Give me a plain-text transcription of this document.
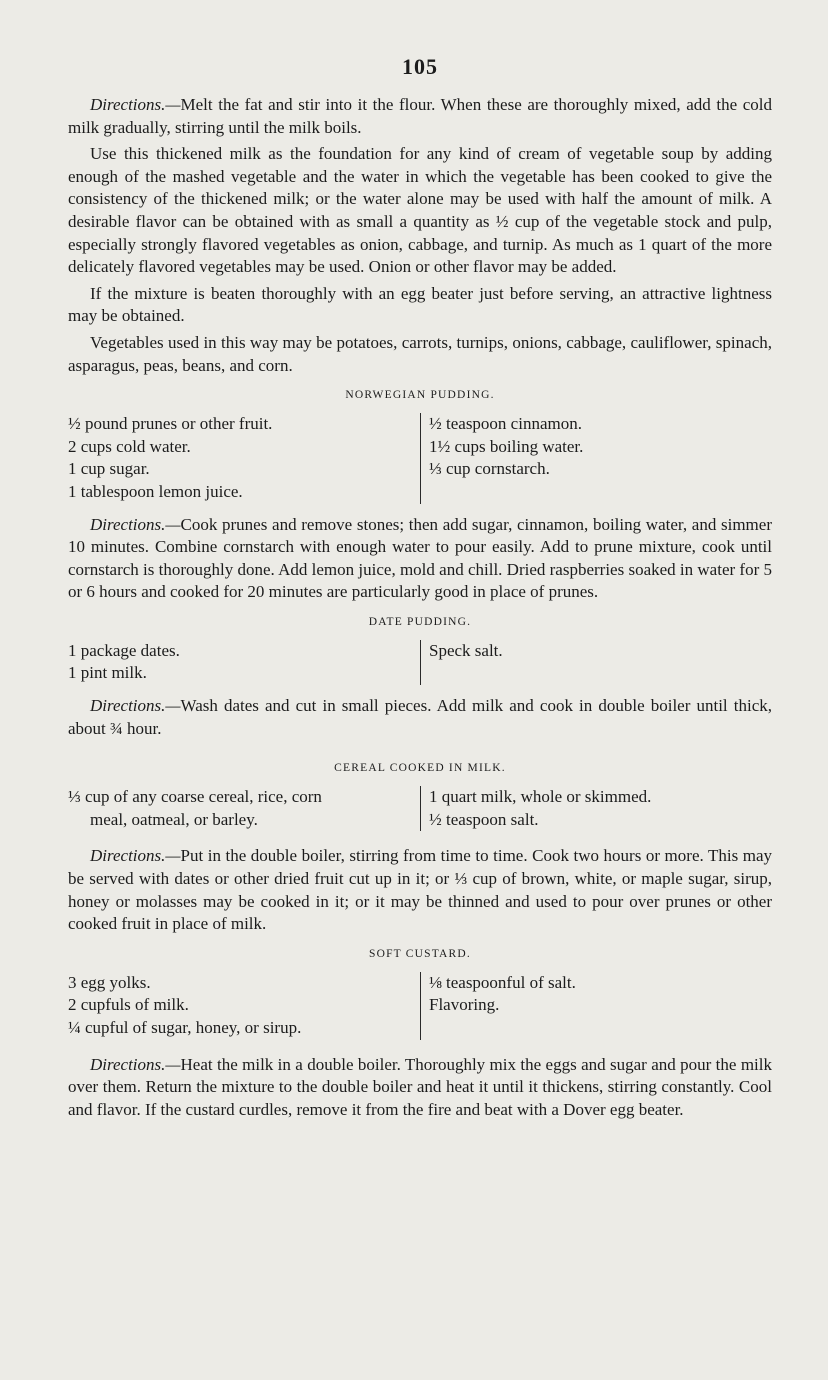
105

Directions.—Melt the fat and stir into it the flour. When these are thoroughly mixed, add the cold milk gradually, stirring until the milk boils.

Use this thickened milk as the foundation for any kind of cream of vegetable soup by adding enough of the mashed vegetable and the water in which the vegetable has been cooked to give the consistency of the thickened milk; or the water alone may be used with half the amount of milk. A desirable flavor can be obtained with as small a quantity as ½ cup of the vegetable stock and pulp, especially strongly flavored vegetables as onion, cabbage, and turnip. As much as 1 quart of the more delicately flavored vegetables may be used. Onion or other flavor may be added.

If the mixture is beaten thoroughly with an egg beater just before serving, an attractive lightness may be obtained.

Vegetables used in this way may be potatoes, carrots, turnips, onions, cabbage, cauliflower, spinach, asparagus, peas, beans, and corn.

NORWEGIAN PUDDING.
½ pound prunes or other fruit.
2 cups cold water.
1 cup sugar.
1 tablespoon lemon juice.
½ teaspoon cinnamon.
1½ cups boiling water.
⅓ cup cornstarch.

Directions.—Cook prunes and remove stones; then add sugar, cinnamon, boiling water, and simmer 10 minutes. Combine cornstarch with enough water to pour easily. Add to prune mixture, cook until cornstarch is thoroughly done. Add lemon juice, mold and chill. Dried raspberries soaked in water for 5 or 6 hours and cooked for 20 minutes are particularly good in place of prunes.

DATE PUDDING.
1 package dates.
1 pint milk.
Speck salt.

Directions.—Wash dates and cut in small pieces. Add milk and cook in double boiler until thick, about ¾ hour.

CEREAL COOKED IN MILK.
⅓ cup of any coarse cereal, rice, corn
meal, oatmeal, or barley.
1 quart milk, whole or skimmed.
½ teaspoon salt.

Directions.—Put in the double boiler, stirring from time to time. Cook two hours or more. This may be served with dates or other dried fruit cut up in it; or ⅓ cup of brown, white, or maple sugar, sirup, honey or molasses may be cooked in it; or it may be thinned and used to pour over prunes or other cooked fruit in place of milk.

SOFT CUSTARD.
3 egg yolks.
2 cupfuls of milk.
¼ cupful of sugar, honey, or sirup.
⅛ teaspoonful of salt.
Flavoring.

Directions.—Heat the milk in a double boiler. Thoroughly mix the eggs and sugar and pour the milk over them. Return the mixture to the double boiler and heat it until it thickens, stirring constantly. Cool and flavor. If the custard curdles, remove it from the fire and beat with a Dover egg beater.
